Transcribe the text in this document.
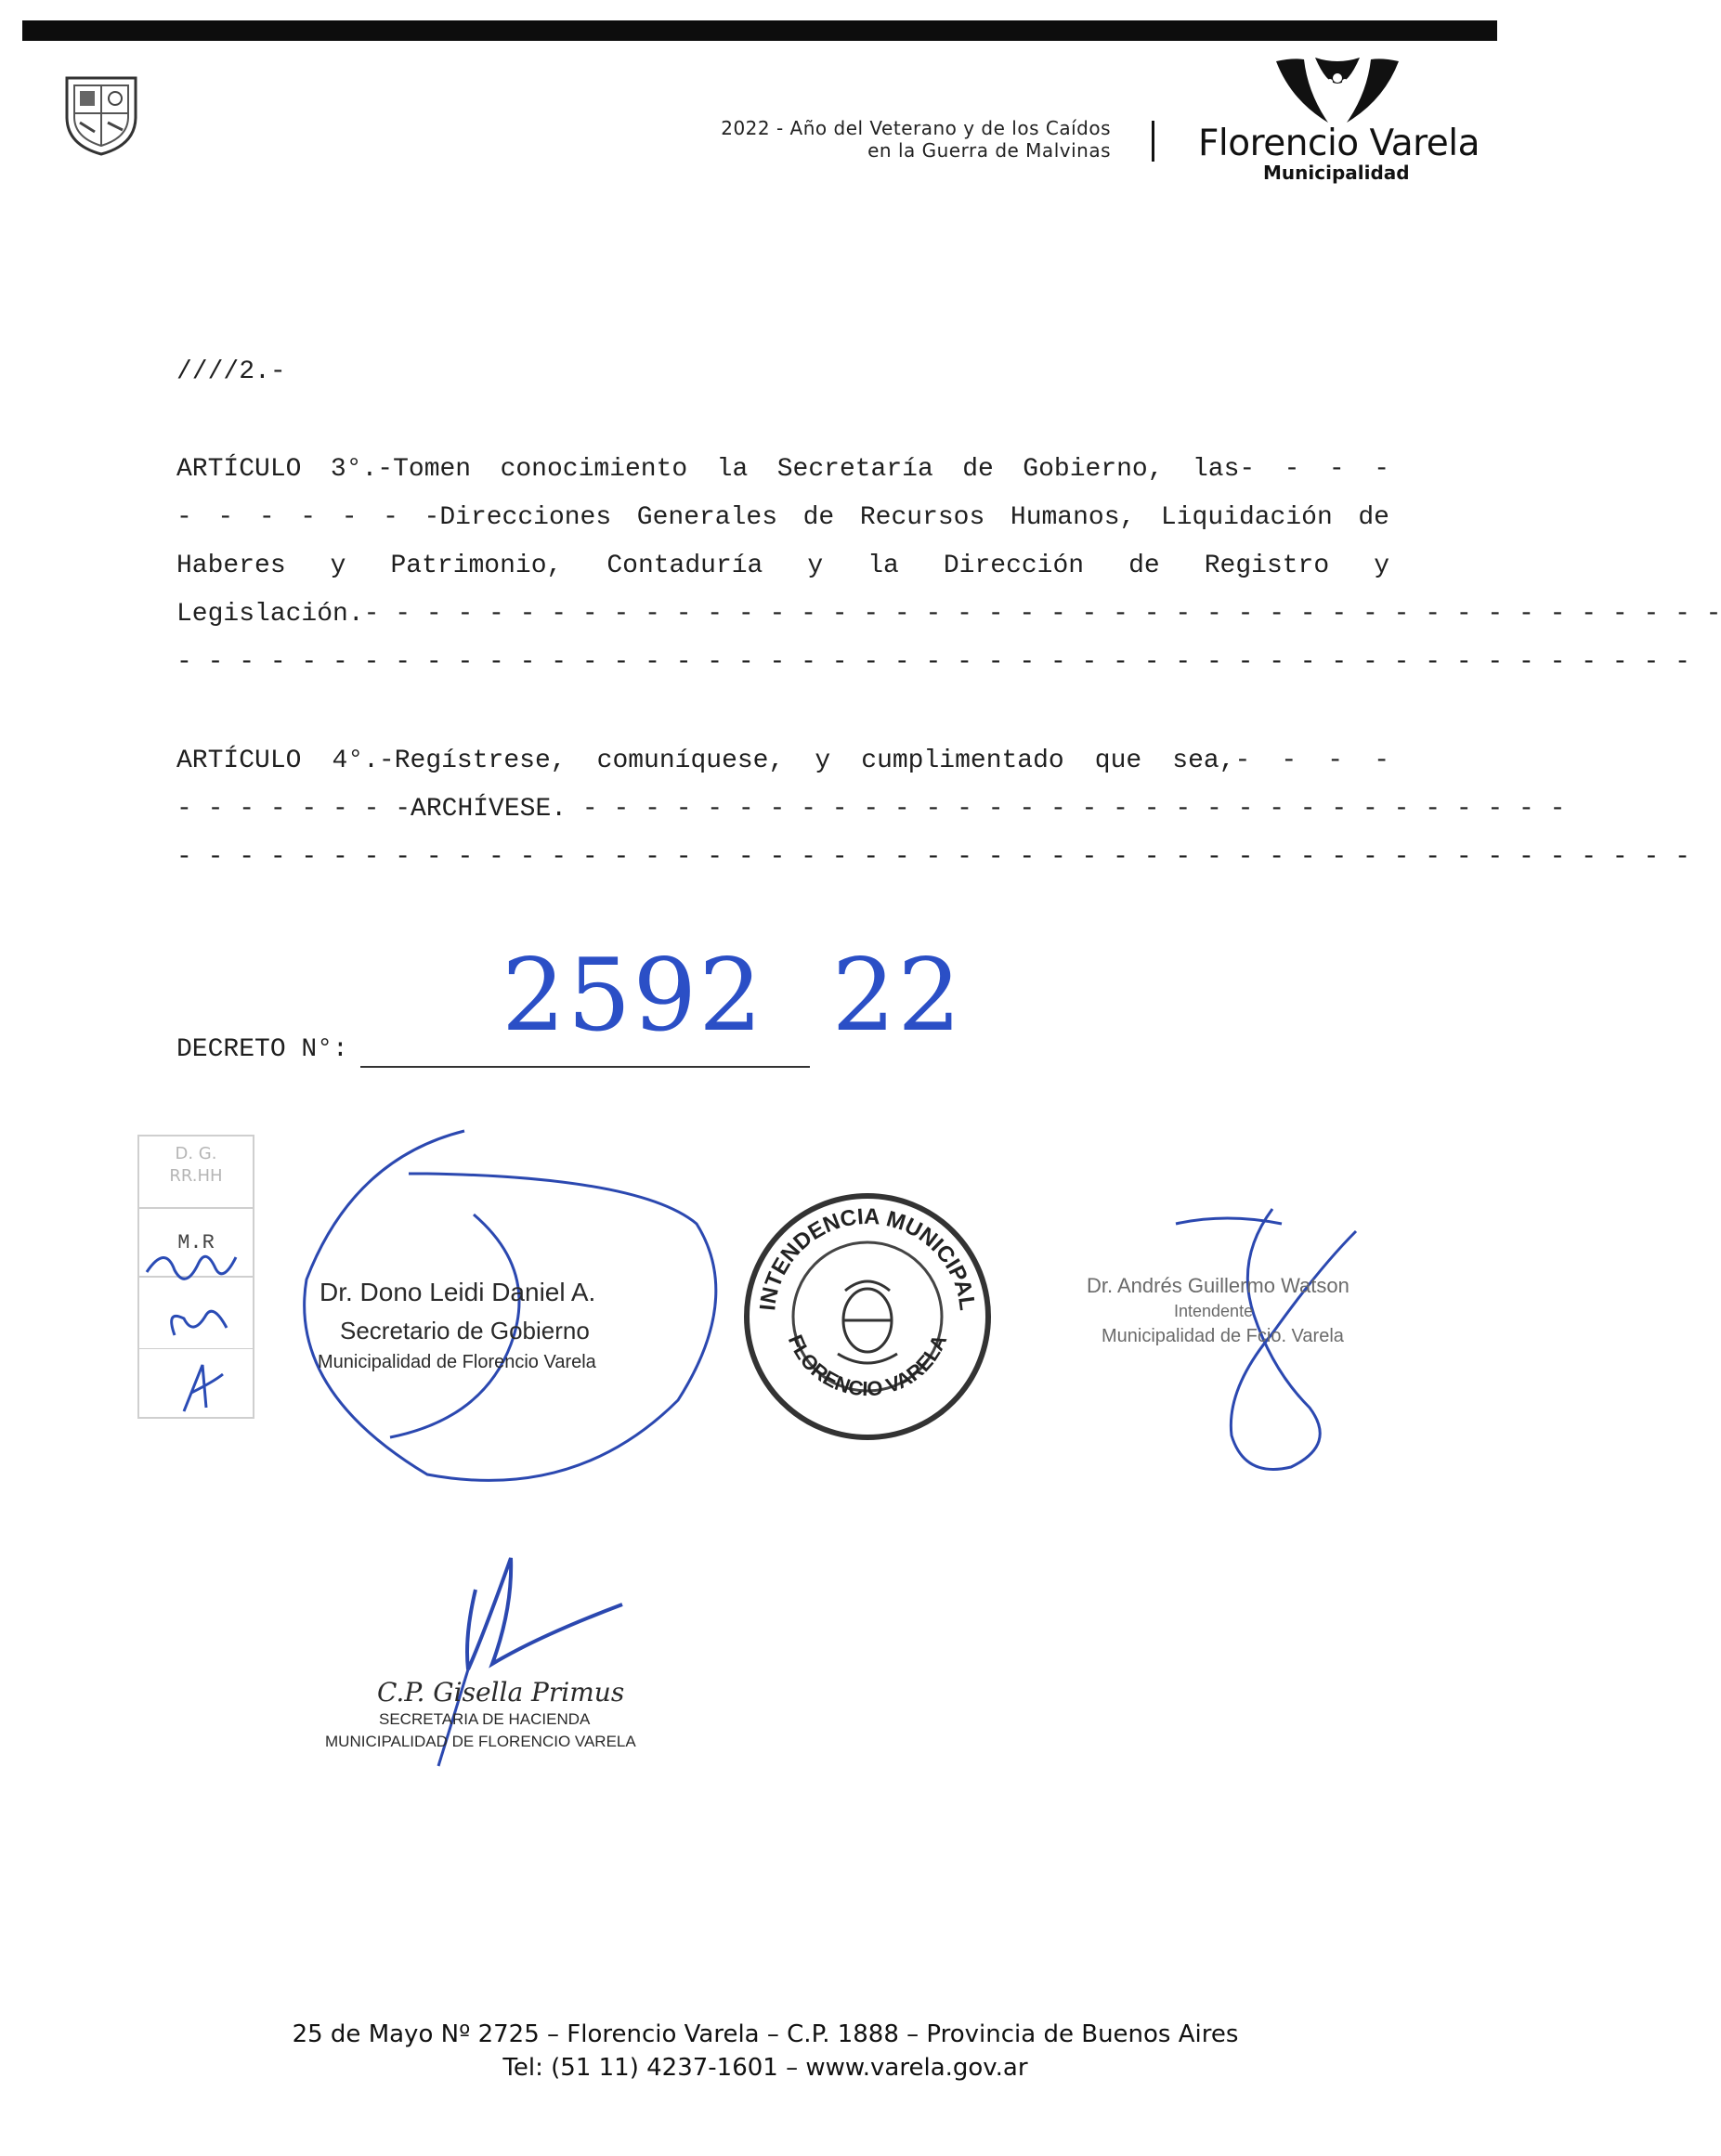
2022 - Año del Veterano y de los Caídos
en la Guerra de Malvinas Florencio Varela
Municipalidad
////2.-
ARTÍCULO 3°.-Tomen conocimiento la Secretaría de Gobierno, las- - - -
- - - - - - -Direcciones Generales de Recursos Humanos, Liquidación de
Haberes y Patrimonio, Contaduría y la Dirección de Registro y
Legislación.- - - - - - - - - - - - - - - - - - - - - - - - - - - - - - - - - - - - - - - - - - - -
- - - - - - - - - - - - - - - - - - - - - - - - - - - - - - - - - - - - - - - - - - - - - - - - -
ARTÍCULO 4°.-Regístrese, comuníquese, y cumplimentado que sea,- - - -
- - - - - - - -ARCHÍVESE. - - - - - - - - - - - - - - - - - - - - - - - - - - - - - - - -
- - - - - - - - - - - - - - - - - - - - - - - - - - - - - - - - - - - - - - - - - - - - - - - - -
2592  22
DECRETO N°:
D. G.
RR.HH
M.R
Dr. Dono Leidi Daniel A.
Secretario de Gobierno
Municipalidad de Florencio Varela
INTENDENCIA MUNICIPAL
FLORENCIO VARELA
Dr. Andrés Guillermo Watson
Intendente
Municipalidad de Fcio. Varela
C.P. Gisella Primus
SECRETARIA DE HACIENDA
MUNICIPALIDAD DE FLORENCIO VARELA
25 de Mayo Nº 2725 – Florencio Varela – C.P. 1888 – Provincia de Buenos Aires
Tel: (51 11) 4237-1601 – www.varela.gov.ar
